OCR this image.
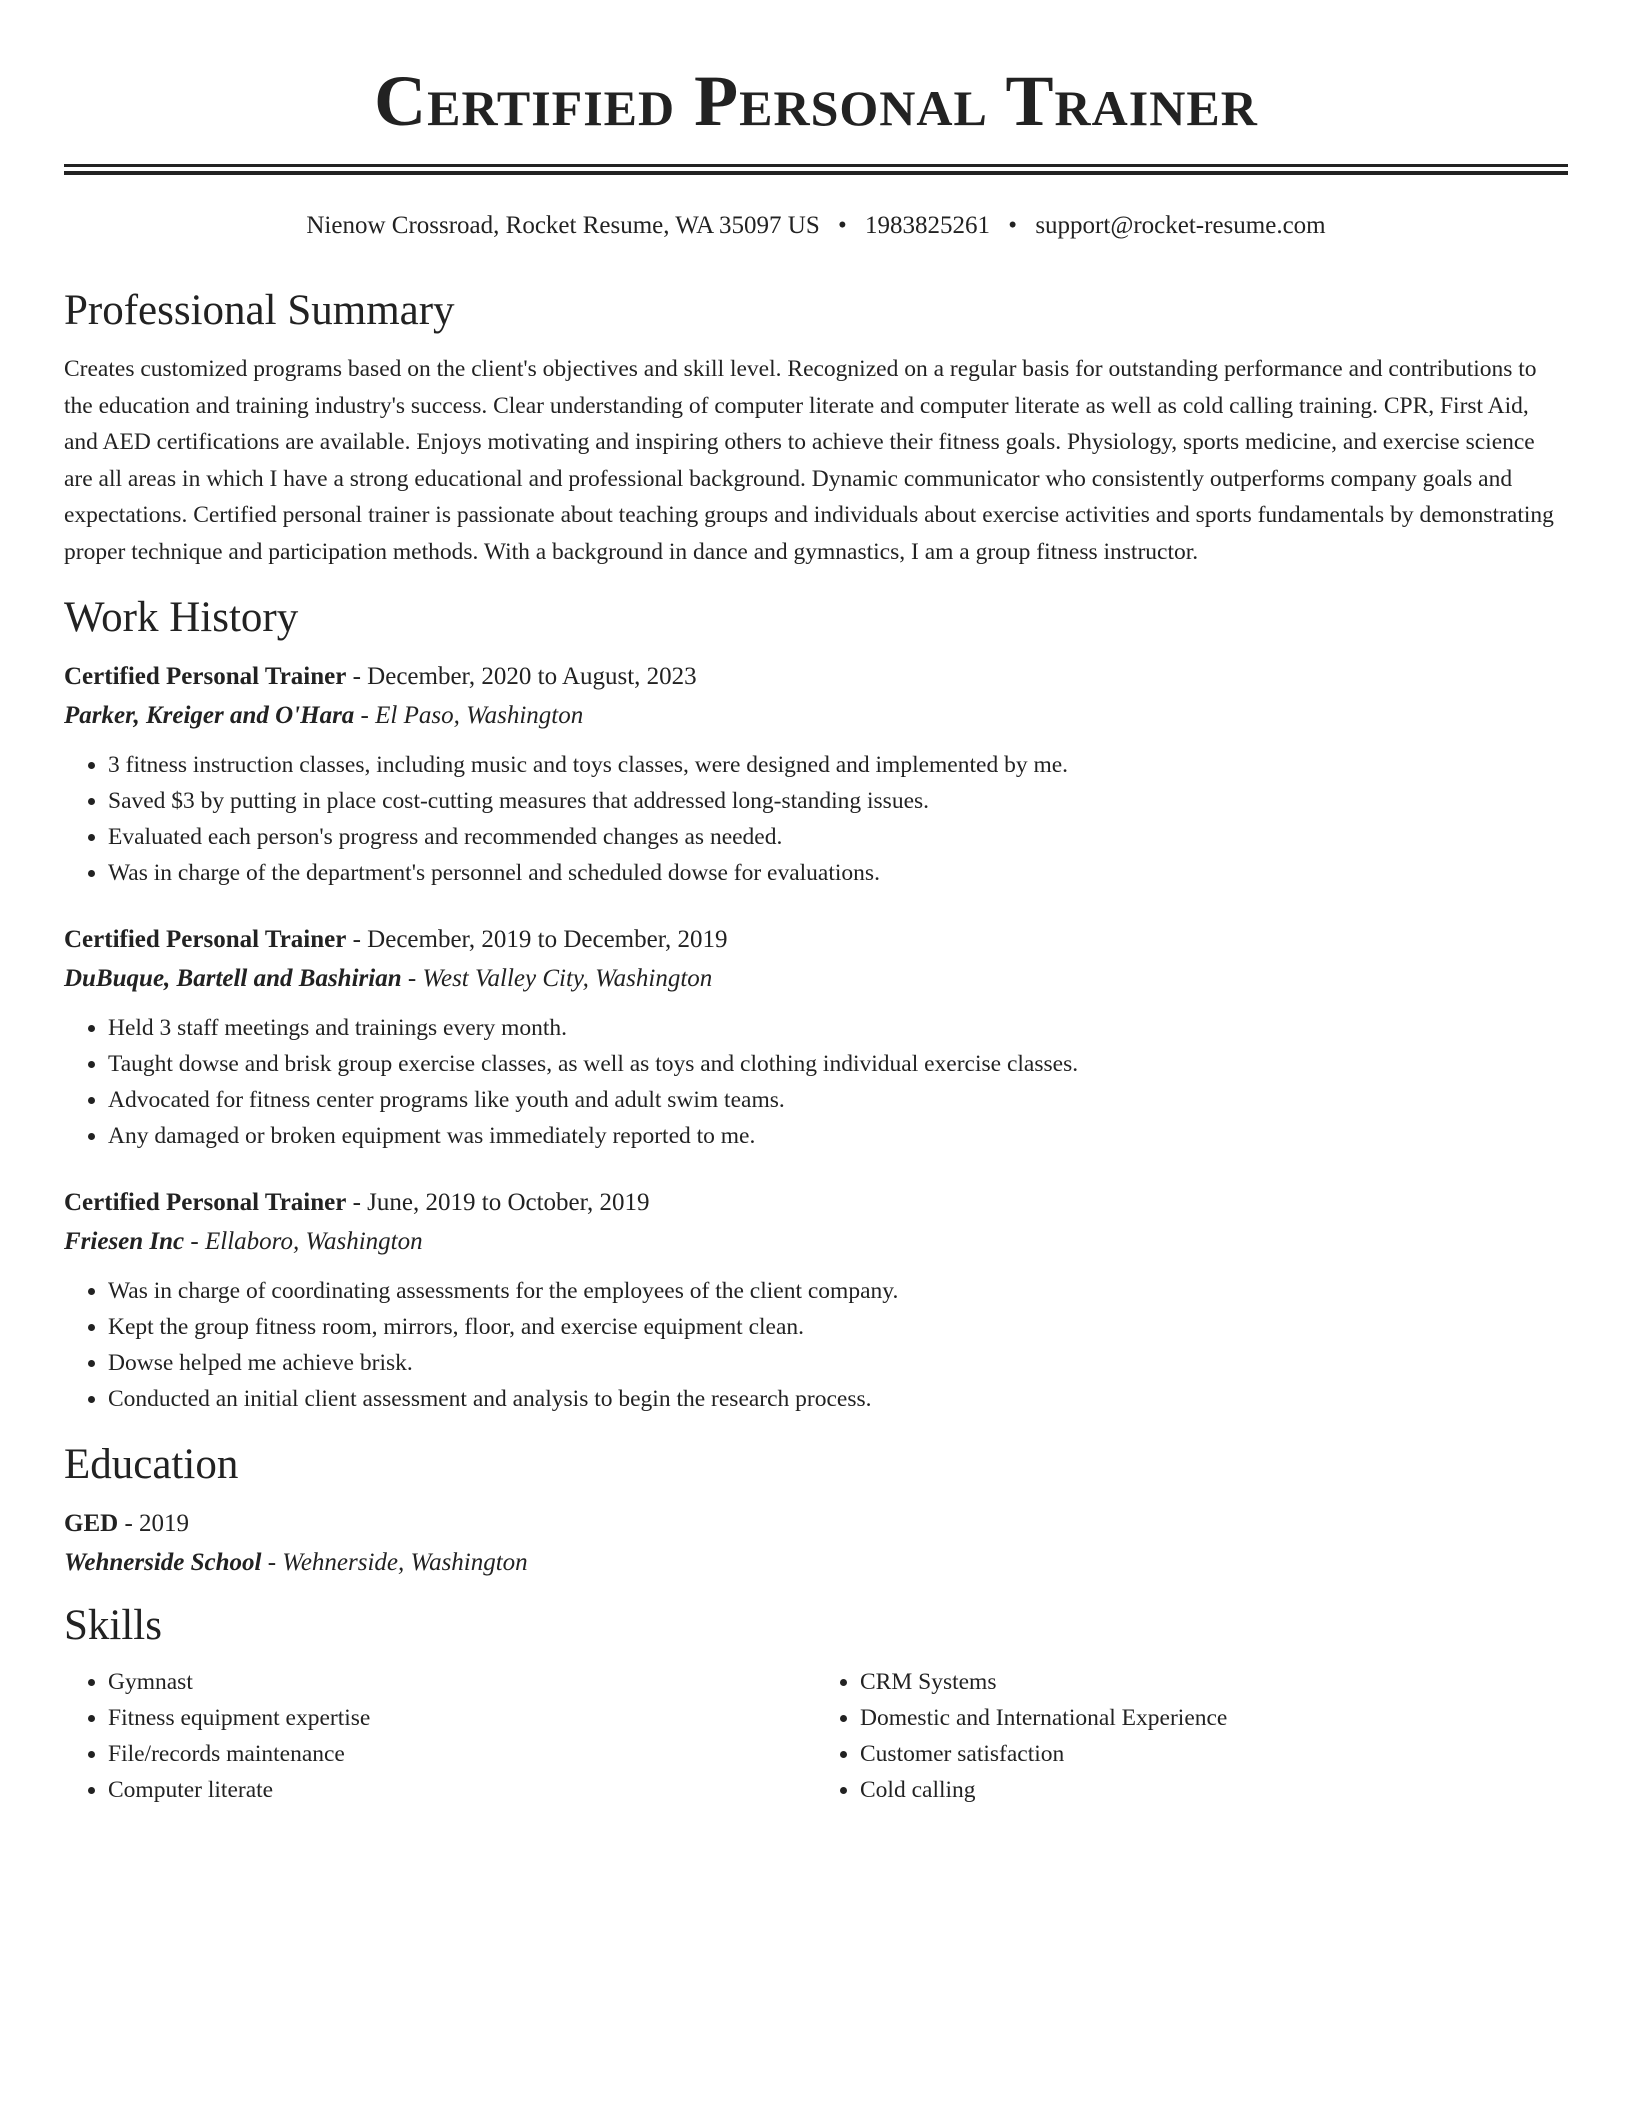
Certified Personal Trainer
Nienow Crossroad, Rocket Resume, WA 35097 US • 1983825261 • support@rocket-resume.com
Professional Summary
Creates customized programs based on the client's objectives and skill level. Recognized on a regular basis for outstanding performance and contributions to the education and training industry's success. Clear understanding of computer literate and computer literate as well as cold calling training. CPR, First Aid, and AED certifications are available. Enjoys motivating and inspiring others to achieve their fitness goals. Physiology, sports medicine, and exercise science are all areas in which I have a strong educational and professional background. Dynamic communicator who consistently outperforms company goals and expectations. Certified personal trainer is passionate about teaching groups and individuals about exercise activities and sports fundamentals by demonstrating proper technique and participation methods. With a background in dance and gymnastics, I am a group fitness instructor.
Work History
Certified Personal Trainer - December, 2020 to August, 2023
Parker, Kreiger and O'Hara - El Paso, Washington
• 3 fitness instruction classes, including music and toys classes, were designed and implemented by me.
• Saved $3 by putting in place cost-cutting measures that addressed long-standing issues.
• Evaluated each person's progress and recommended changes as needed.
• Was in charge of the department's personnel and scheduled dowse for evaluations.
Certified Personal Trainer - December, 2019 to December, 2019
DuBuque, Bartell and Bashirian - West Valley City, Washington
• Held 3 staff meetings and trainings every month.
• Taught dowse and brisk group exercise classes, as well as toys and clothing individual exercise classes.
• Advocated for fitness center programs like youth and adult swim teams.
• Any damaged or broken equipment was immediately reported to me.
Certified Personal Trainer - June, 2019 to October, 2019
Friesen Inc - Ellaboro, Washington
• Was in charge of coordinating assessments for the employees of the client company.
• Kept the group fitness room, mirrors, floor, and exercise equipment clean.
• Dowse helped me achieve brisk.
• Conducted an initial client assessment and analysis to begin the research process.
Education
GED - 2019
Wehnerside School - Wehnerside, Washington
Skills
• Gymnast
• Fitness equipment expertise
• File/records maintenance
• Computer literate
• CRM Systems
• Domestic and International Experience
• Customer satisfaction
• Cold calling
